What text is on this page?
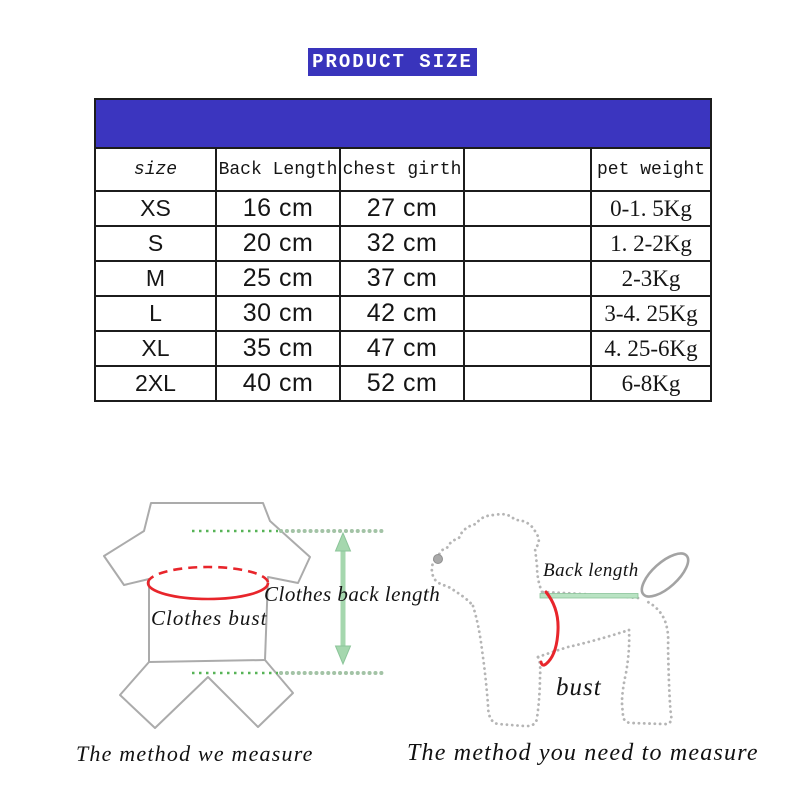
PRODUCT SIZE

size	Back Length	chest girth		pet weight
XS	16 cm	27 cm		0-1. 5Kg
S	20 cm	32 cm		1. 2-2Kg
M	25 cm	37 cm		2-3Kg
L	30 cm	42 cm		3-4. 25Kg
XL	35 cm	47 cm		4. 25-6Kg
2XL	40 cm	52 cm		6-8Kg
Clothes bust
Clothes back length
Back length
bust
The method we measure	The method you need to measure
